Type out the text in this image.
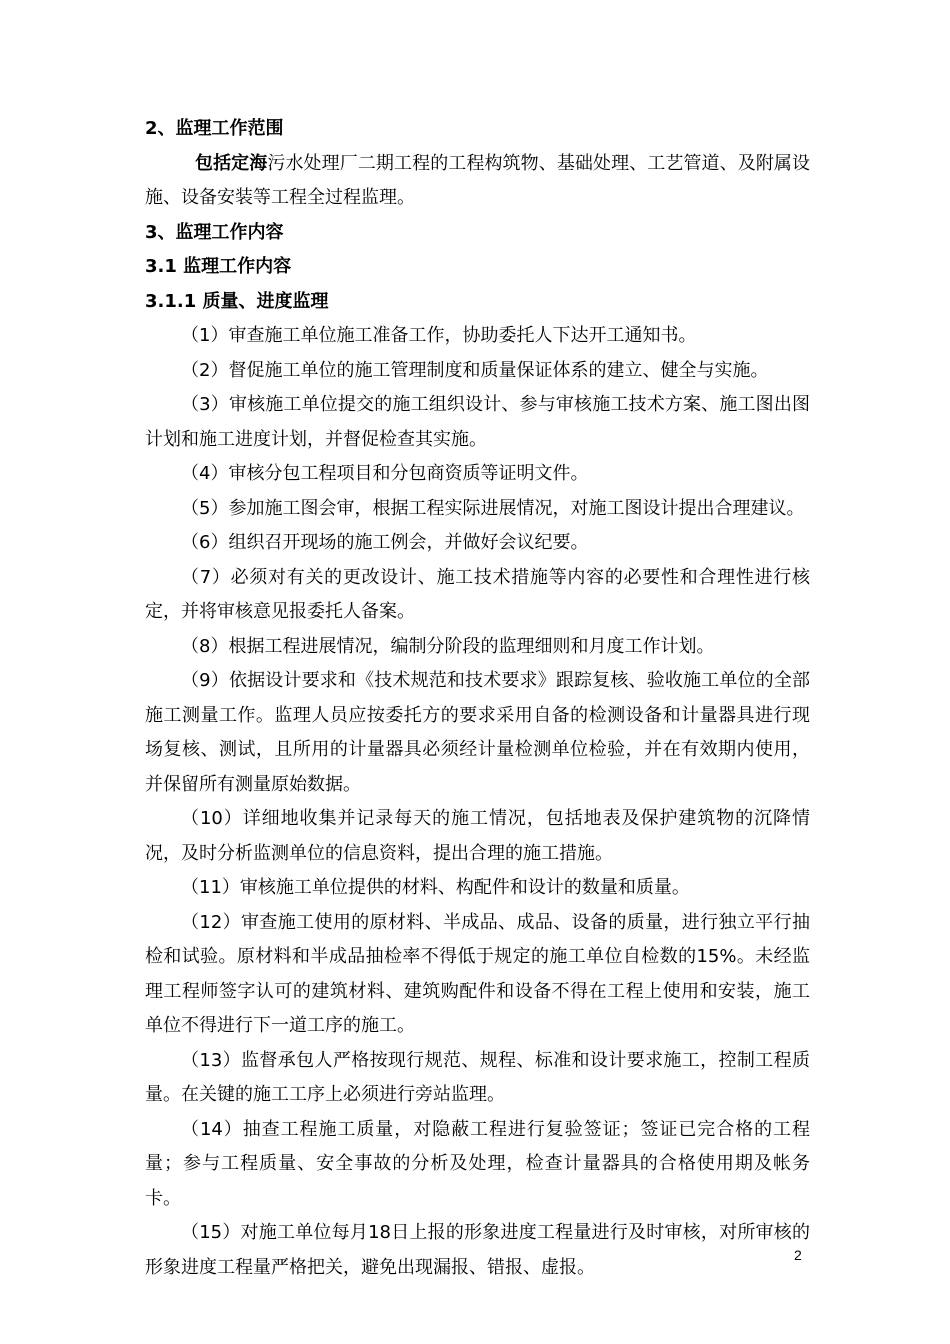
2、监理工作范围

包括定海污水处理厂二期工程的工程构筑物、基础处理、工艺管道、及附属设施、设备安装等工程全过程监理。

3、监理工作内容

3.1 监理工作内容

3.1.1 质量、进度监理

（1）审查施工单位施工准备工作，协助委托人下达开工通知书。

（2）督促施工单位的施工管理制度和质量保证体系的建立、健全与实施。

（3）审核施工单位提交的施工组织设计、参与审核施工技术方案、施工图出图计划和施工进度计划，并督促检查其实施。

（4）审核分包工程项目和分包商资质等证明文件。

（5）参加施工图会审，根据工程实际进展情况，对施工图设计提出合理建议。

（6）组织召开现场的施工例会，并做好会议纪要。

（7）必须对有关的更改设计、施工技术措施等内容的必要性和合理性进行核定，并将审核意见报委托人备案。

（8）根据工程进展情况，编制分阶段的监理细则和月度工作计划。

（9）依据设计要求和《技术规范和技术要求》跟踪复核、验收施工单位的全部施工测量工作。监理人员应按委托方的要求采用自备的检测设备和计量器具进行现场复核、测试，且所用的计量器具必须经计量检测单位检验，并在有效期内使用，并保留所有测量原始数据。

（10）详细地收集并记录每天的施工情况，包括地表及保护建筑物的沉降情况，及时分析监测单位的信息资料，提出合理的施工措施。

（11）审核施工单位提供的材料、构配件和设计的数量和质量。

（12）审查施工使用的原材料、半成品、成品、设备的质量，进行独立平行抽检和试验。原材料和半成品抽检率不得低于规定的施工单位自检数的15%。未经监理工程师签字认可的建筑材料、建筑购配件和设备不得在工程上使用和安装，施工单位不得进行下一道工序的施工。

（13）监督承包人严格按现行规范、规程、标准和设计要求施工，控制工程质量。在关键的施工工序上必须进行旁站监理。

（14）抽查工程施工质量，对隐蔽工程进行复验签证；签证已完合格的工程量；参与工程质量、安全事故的分析及处理，检查计量器具的合格使用期及帐务卡。

（15）对施工单位每月18日上报的形象进度工程量进行及时审核，对所审核的形象进度工程量严格把关，避免出现漏报、错报、虚报。

2
